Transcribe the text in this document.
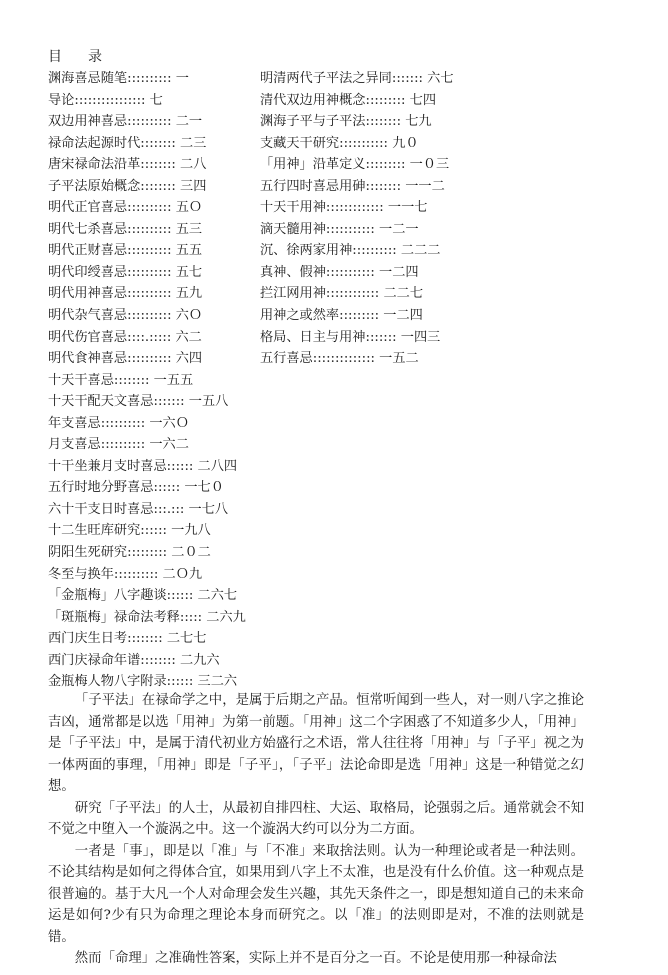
目 录
渊海喜忌随笔:::::::::: 一
导论:::::::::::::::: 七
双边用神喜忌:::::::::: 二一
禄命法起源时代:::::::: 二三
唐宋禄命法沿革:::::::: 二八
子平法原始概念:::::::: 三四
明代正官喜忌:::::::::: 五Ｏ
明代七杀喜忌:::::::::: 五三
明代正财喜忌:::::::::: 五五
明代印绶喜忌:::::::::: 五七
明代用神喜忌:::::::::: 五九
明代杂气喜忌:::::::::: 六Ｏ
明代伤官喜忌::::.::::: 六二
明代食神喜忌:::::::::: 六四
十天干喜忌:::::::: 一五五
十天干配天文喜忌::::::: 一五八
年支喜忌:::::::::: 一六Ｏ
月支喜忌:::::::::: 一六二
十干坐兼月支时喜忌:::::: 二八四
五行时地分野喜忌:::::: 一七０
六十干支日时喜忌:::.::: 一七八
十二生旺库研究:::::: 一九八
阴阳生死研究::::::::: 二０二
冬至与换年:::::::::: 二Ｏ九
「金瓶梅」八字趣谈:::::: 二六七
「斑瓶梅」禄命法考释::::: 二六九
西门庆生日考:::::::: 二七七
西门庆禄命年谱:::::::: 二九六
金瓶梅人物八字附录:::::: 三二六
明清两代子平法之异同::::::: 六七
清代双边用神概念::::::::: 七四
渊海子平与子平法:::::::: 七九
支藏天干研究::::::::::: 九０
「用神」沿革定义::::::::: 一０三
五行四时喜忌用砷:::::::: 一一二
十天干用神::::::::::::: 一一七
滴天髓用神::::::::::: 一二一
沉、徐两家用神:::::::::: 二二二
真神、假神::::::::::: 一二四
拦江网用神:::::::::::: 二二七
用神之或然率::::::::: 一二四
格局、日主与用神::::::: 一四三
五行喜忌:::::::::::::: 一五二

「子平法」在禄命学之中，是属于后期之产品。恒常听闻到一些人，对一则八字之推论吉凶，通常都是以选「用神」为第一前题。「用神」这二个字困惑了不知道多少人，「用神」是「子平法」中，是属于清代初业方始盛行之术语，常人往往将「用神」与「子平」视之为一体两面的事理，「用神」即是「子平」，「子平」法论命即是选「用神」这是一种错觉之幻想。

研究「子平法」的人士，从最初自排四柱、大运、取格局，论强弱之后。通常就会不知不觉之中堕入一个漩涡之中。这一个漩涡大约可以分为二方面。

一者是「事」，即是以「准」与「不准」来取捨法则。认为一种理论或者是一种法则。不论其结构是如何之得体合宜，如果用到八字上不太准，也是没有什么价值。这一种观点是很普遍的。基于大凡一个人对命理会发生兴趣，其先天条件之一，即是想知道自己的未来命运是如何?少有只为命理之理论本身而研究之。以「准」的法则即是对，不准的法则就是错。

然而「命理」之准确性答案，实际上并不是百分之一百。不论是使用那一种禄命法
